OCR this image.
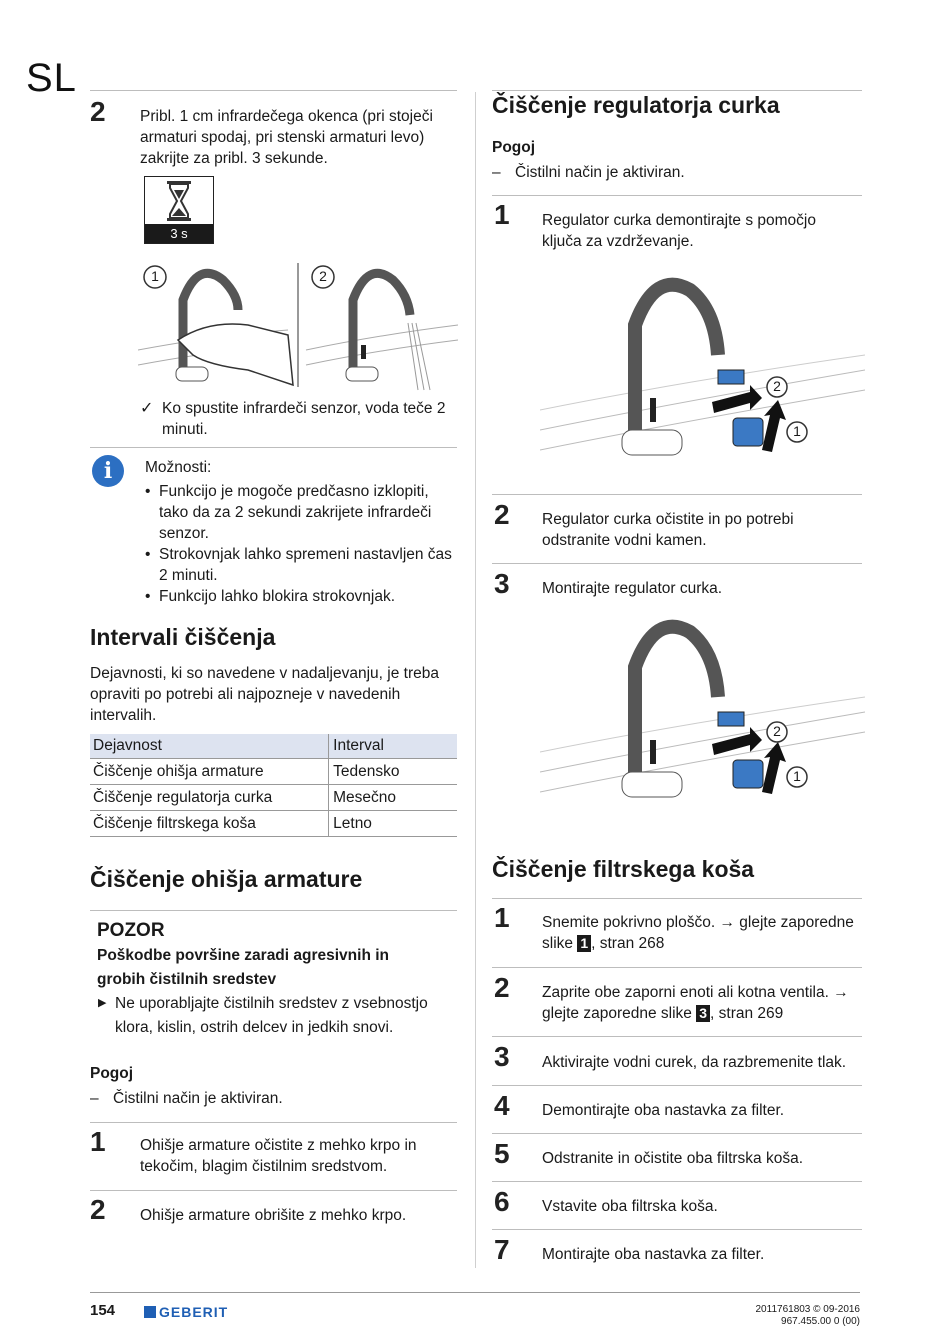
SL
2 Pribl. 1 cm infrardečega okenca (pri stoječi armaturi spodaj, pri stenski armaturi levo) zakrijte za pribl. 3 sekunde.
3 s
1	2
✓ Ko spustite infrardeči senzor, voda teče 2 minuti.
i	Možnosti:
• Funkcijo je mogoče predčasno izklopiti, tako da za 2 sekundi zakrijete infrardeči senzor.
• Strokovnjak lahko spremeni nastavljen čas 2 minuti.
• Funkcijo lahko blokira strokovnjak.
Intervali čiščenja
Dejavnosti, ki so navedene v nadaljevanju, je treba opraviti po potrebi ali najpozneje v navedenih intervalih.
Dejavnost	Interval
Čiščenje ohišja armature	Tedensko
Čiščenje regulatorja curka	Mesečno
Čiščenje filtrskega koša	Letno
Čiščenje ohišja armature
POZOR
Poškodbe površine zaradi agresivnih in grobih čistilnih sredstev
▶ Ne uporabljajte čistilnih sredstev z vsebnostjo klora, kislin, ostrih delcev in jedkih snovi.
Pogoj
– Čistilni način je aktiviran.
1 Ohišje armature očistite z mehko krpo in tekočim, blagim čistilnim sredstvom.
2 Ohišje armature obrišite z mehko krpo.
Čiščenje regulatorja curka
Pogoj
– Čistilni način je aktiviran.
1 Regulator curka demontirajte s pomočjo ključa za vzdrževanje.
2
1
2 Regulator curka očistite in po potrebi odstranite vodni kamen.
3 Montirajte regulator curka.
2
1
Čiščenje filtrskega koša
1 Snemite pokrivno ploščo. → glejte zaporedne slike 1 , stran 268
2 Zaprite obe zaporni enoti ali kotna ventila. → glejte zaporedne slike 3 , stran 269
3 Aktivirajte vodni curek, da razbremenite tlak.
4 Demontirajte oba nastavka za filter.
5 Odstranite in očistite oba filtrska koša.
6 Vstavite oba filtrska koša.
7 Montirajte oba nastavka za filter.
154	GEBERIT	2011761803 © 09-2016
967.455.00 0 (00)
